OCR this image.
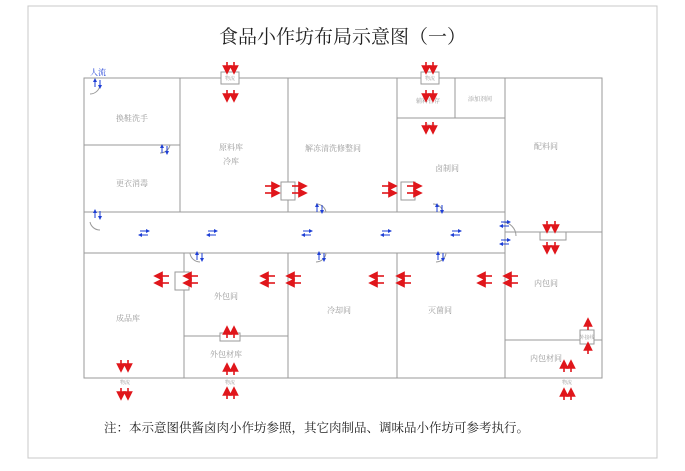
换鞋洗手
更衣消毒
原料库
冷库
解冻清洗修整间
辅料暂存	添加剂间
卤制间
配料间
成品库
外包间
外包材库
冷却间	灭菌间
内包间
内包材间
物流	物流
物流
物流	物流	物流
外接线
人流
食品小作坊布局示意图（一）
注：本示意图供酱卤肉小作坊参照，其它肉制品、调味品小作坊可参考执行。
